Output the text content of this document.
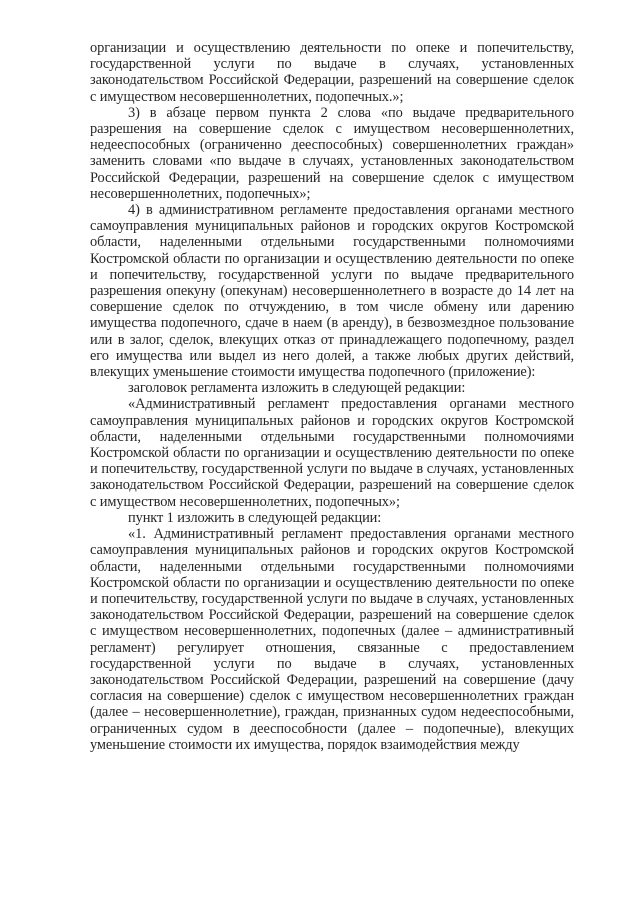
организации и осуществлению деятельности по опеке и попечительству, государственной услуги по выдаче в случаях, установленных законодательством Российской Федерации, разрешений на совершение сделок с имуществом несовершеннолетних, подопечных.»;

3) в абзаце первом пункта 2 слова «по выдаче предварительного разрешения на совершение сделок с имуществом несовершеннолетних, недееспособных (ограниченно дееспособных) совершеннолетних граждан» заменить словами «по выдаче в случаях, установленных законодательством Российской Федерации, разрешений на совершение сделок с имуществом несовершеннолетних, подопечных»;

4) в административном регламенте предоставления органами местного самоуправления муниципальных районов и городских округов Костромской области, наделенными отдельными государственными полномочиями Костромской области по организации и осуществлению деятельности по опеке и попечительству, государственной услуги по выдаче предварительного разрешения опекуну (опекунам) несовершеннолетнего в возрасте до 14 лет на совершение сделок по отчуждению, в том числе обмену или дарению имущества подопечного, сдаче в наем (в аренду), в безвозмездное пользование или в залог, сделок, влекущих отказ от принадлежащего подопечному, раздел его имущества или выдел из него долей, а также любых других действий, влекущих уменьшение стоимости имущества подопечного (приложение):

заголовок регламента изложить в следующей редакции:

«Административный регламент предоставления органами местного самоуправления муниципальных районов и городских округов Костромской области, наделенными отдельными государственными полномочиями Костромской области по организации и осуществлению деятельности по опеке и попечительству, государственной услуги по выдаче в случаях, установленных законодательством Российской Федерации, разрешений на совершение сделок с имуществом несовершеннолетних, подопечных»;

пункт 1 изложить в следующей редакции:

«1. Административный регламент предоставления органами местного самоуправления муниципальных районов и городских округов Костромской области, наделенными отдельными государственными полномочиями Костромской области по организации и осуществлению деятельности по опеке и попечительству, государственной услуги по выдаче в случаях, установленных законодательством Российской Федерации, разрешений на совершение сделок с имуществом несовершеннолетних, подопечных (далее – административный регламент) регулирует отношения, связанные с предоставлением государственной услуги по выдаче в случаях, установленных законодательством Российской Федерации, разрешений на совершение (дачу согласия на совершение) сделок с имуществом несовершеннолетних граждан (далее – несовершеннолетние), граждан, признанных судом недееспособными, ограниченных судом в дееспособности (далее – подопечные), влекущих уменьшение стоимости их имущества, порядок взаимодействия между
